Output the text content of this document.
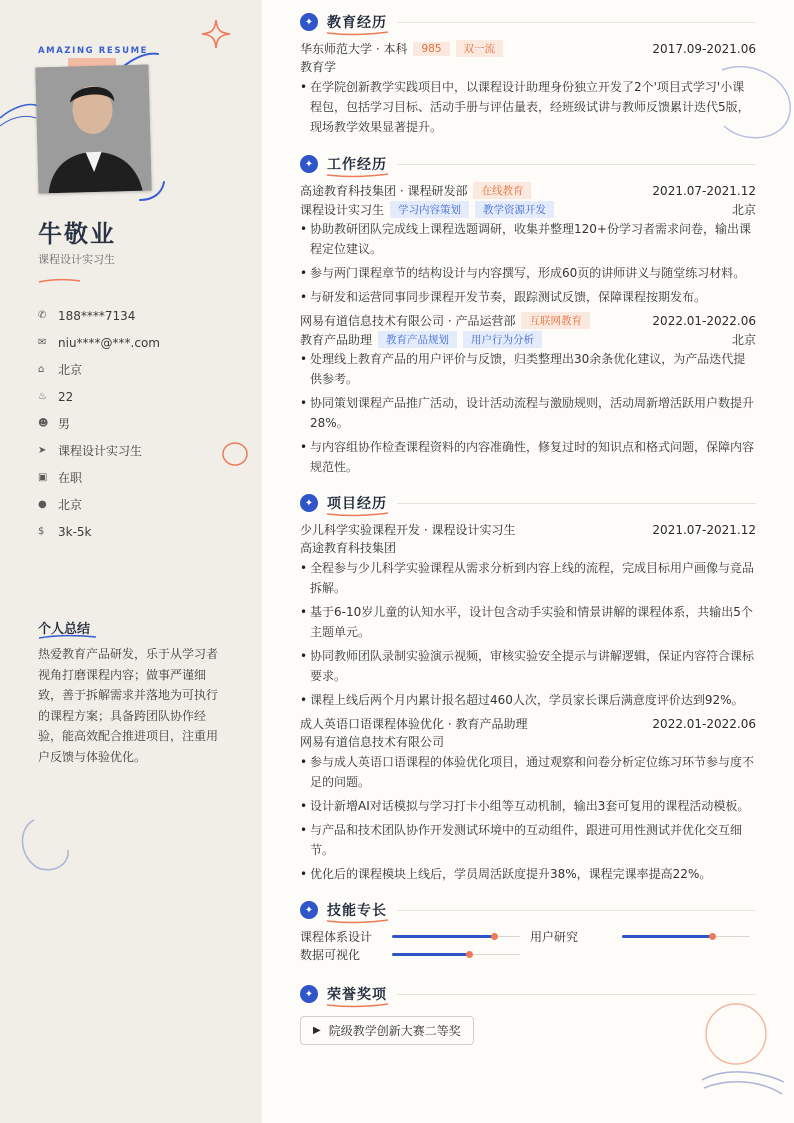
AMAZING RESUME
牛敬业
课程设计实习生
✆ 188****7134
✉ niu****@***.com
⌂	北京
♨ 22
☻ 男
➤ 课程设计实习生
▣ 在职
● 北京
$	3k-5k
个人总结
热爱教育产品研发，乐于从学习者视角打磨课程内容；做事严谨细致，善于拆解需求并落地为可执行的课程方案；具备跨团队协作经验，能高效配合推进项目，注重用户反馈与体验优化。
✦ 教育经历
华东师范大学 · 本科	985	双一流	2017.09-2021.06
教育学
• 在学院创新教学实践项目中，以课程设计助理身份独立开发了2个'项目式学习'小课程包，包括学习目标、活动手册与评估量表，经班级试讲与教师反馈累计迭代5版，现场教学效果显著提升。
✦ 工作经历
高途教育科技集团 · 课程研发部	在线教育	2021.07-2021.12
课程设计实习生	学习内容策划	教学资源开发	北京
• 协助教研团队完成线上课程选题调研，收集并整理120+份学习者需求问卷，输出课程定位建议。
• 参与两门课程章节的结构设计与内容撰写，形成60页的讲师讲义与随堂练习材料。
• 与研发和运营同事同步课程开发节奏，跟踪测试反馈，保障课程按期发布。
网易有道信息技术有限公司 · 产品运营部	互联网教育	2022.01-2022.06
教育产品助理	教育产品规划	用户行为分析	北京
• 处理线上教育产品的用户评价与反馈，归类整理出30余条优化建议，为产品迭代提供参考。
• 协同策划课程产品推广活动，设计活动流程与激励规则，活动周新增活跃用户数提升28%。
• 与内容组协作检查课程资料的内容准确性，修复过时的知识点和格式问题，保障内容规范性。
✦ 项目经历
少儿科学实验课程开发 · 课程设计实习生	2021.07-2021.12
高途教育科技集团
• 全程参与少儿科学实验课程从需求分析到内容上线的流程，完成目标用户画像与竞品拆解。
• 基于6-10岁儿童的认知水平，设计包含动手实验和情景讲解的课程体系，共输出5个主题单元。
• 协同教师团队录制实验演示视频，审核实验安全提示与讲解逻辑，保证内容符合课标要求。
• 课程上线后两个月内累计报名超过460人次，学员家长课后满意度评价达到92%。
成人英语口语课程体验优化 · 教育产品助理	2022.01-2022.06
网易有道信息技术有限公司
• 参与成人英语口语课程的体验优化项目，通过观察和问卷分析定位练习环节参与度不足的问题。
• 设计新增AI对话模拟与学习打卡小组等互动机制，输出3套可复用的课程活动模板。
• 与产品和技术团队协作开发测试环境中的互动组件，跟进可用性测试并优化交互细节。
• 优化后的课程模块上线后，学员周活跃度提升38%，课程完课率提高22%。
✦ 技能专长
课程体系设计	用户研究
数据可视化
✦ 荣誉奖项
▶ 院级教学创新大赛二等奖
